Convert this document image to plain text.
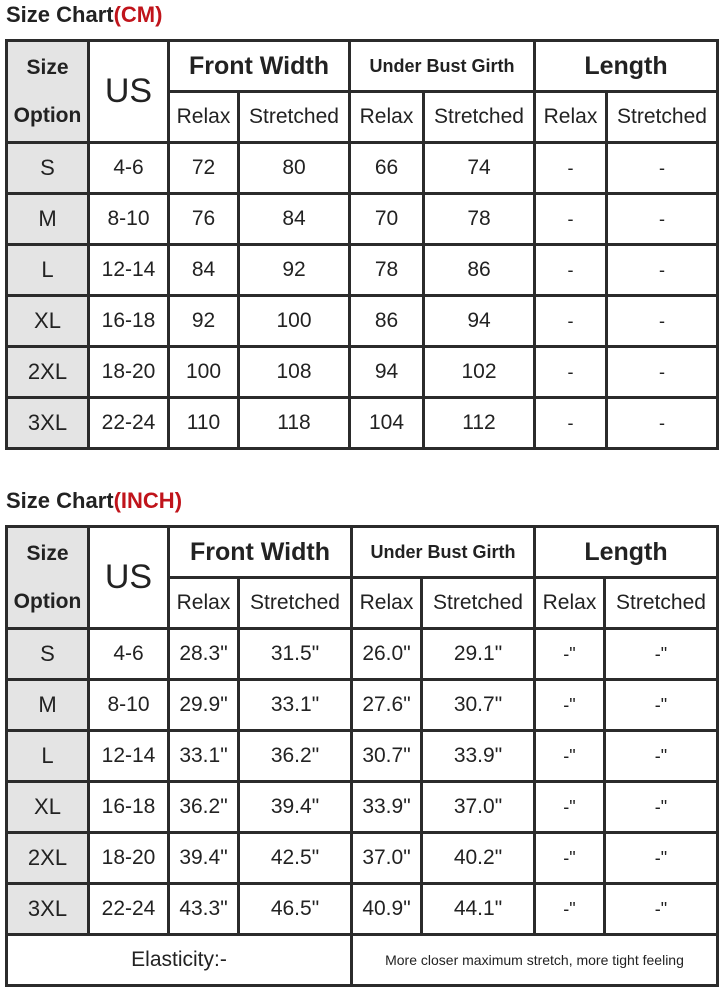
Size Chart(CM)
Size
Option	US	Front Width		Under Bust Girth		Length	
		Relax	Stretched	Relax	Stretched	Relax	Stretched
S	4-6	72	80	66	74	-	-
M	8-10	76	84	70	78	-	-
L	12-14	84	92	78	86	-	-
XL	16-18	92	100	86	94	-	-
2XL	18-20	100	108	94	102	-	-
3XL	22-24	110	118	104	112	-	-
Size Chart(INCH)
Size
Option	US	Front Width		Under Bust Girth		Length	
		Relax	Stretched	Relax	Stretched	Relax	Stretched
S	4-6	28.3"	31.5"	26.0"	29.1"	-"	-"
M	8-10	29.9"	33.1"	27.6"	30.7"	-"	-"
L	12-14	33.1"	36.2"	30.7"	33.9"	-"	-"
XL	16-18	36.2"	39.4"	33.9"	37.0"	-"	-"
2XL	18-20	39.4"	42.5"	37.0"	40.2"	-"	-"
3XL	22-24	43.3"	46.5"	40.9"	44.1"	-"	-"
Elasticity:-				More closer maximum stretch, more tight feeling			
